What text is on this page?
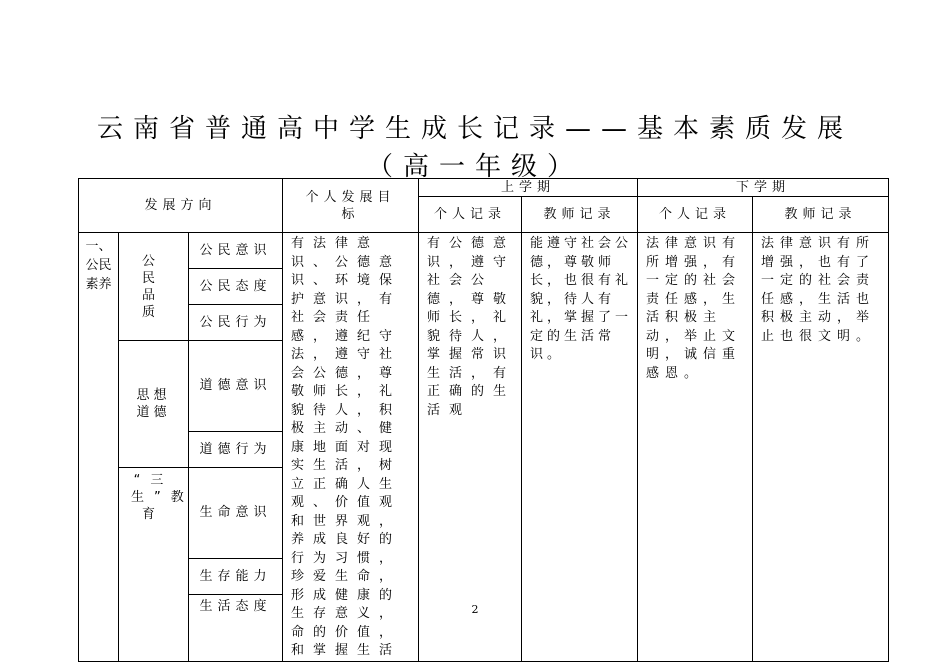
云南省普通高中学生成长记录——基本素质发展
（高一年级）
发展方向			个人发展目标	上学期		下学期	
				个人记录	教师记录	个人记录	教师记录
一、公民素养	公民品质	公民意识	有法律意识、公德意识、环境保护意识，有社会责任感，遵纪守法，遵守社会公德，尊敬师长，礼貌待人，积极主动、健康地面对现实生活，树立正确人生观、价值观和世界观，养成良好的行为习惯，珍爱生命，形成健康的生存意义，命的价值，和掌握生活	有公德意识，遵守社会公德，尊敬师长，礼貌待人，掌握常识生活，有正确的生活观	能遵守社会公德，尊敬师长，也很有礼貌，待人有礼，掌握了一定的生活常识。	法律意识有所增强，有一定的社会责任感，生活积极主动，举止文明，诚信重感恩。	法律意识有所增强，也有了一定的社会责任感，生活也积极主动，举止也很文明。
		公民态度					
		公民行为					
	思想道德	道德意识					
		道德行为					
	“三生”教育	生命意识					
		生存能力					
		生活态度						2
